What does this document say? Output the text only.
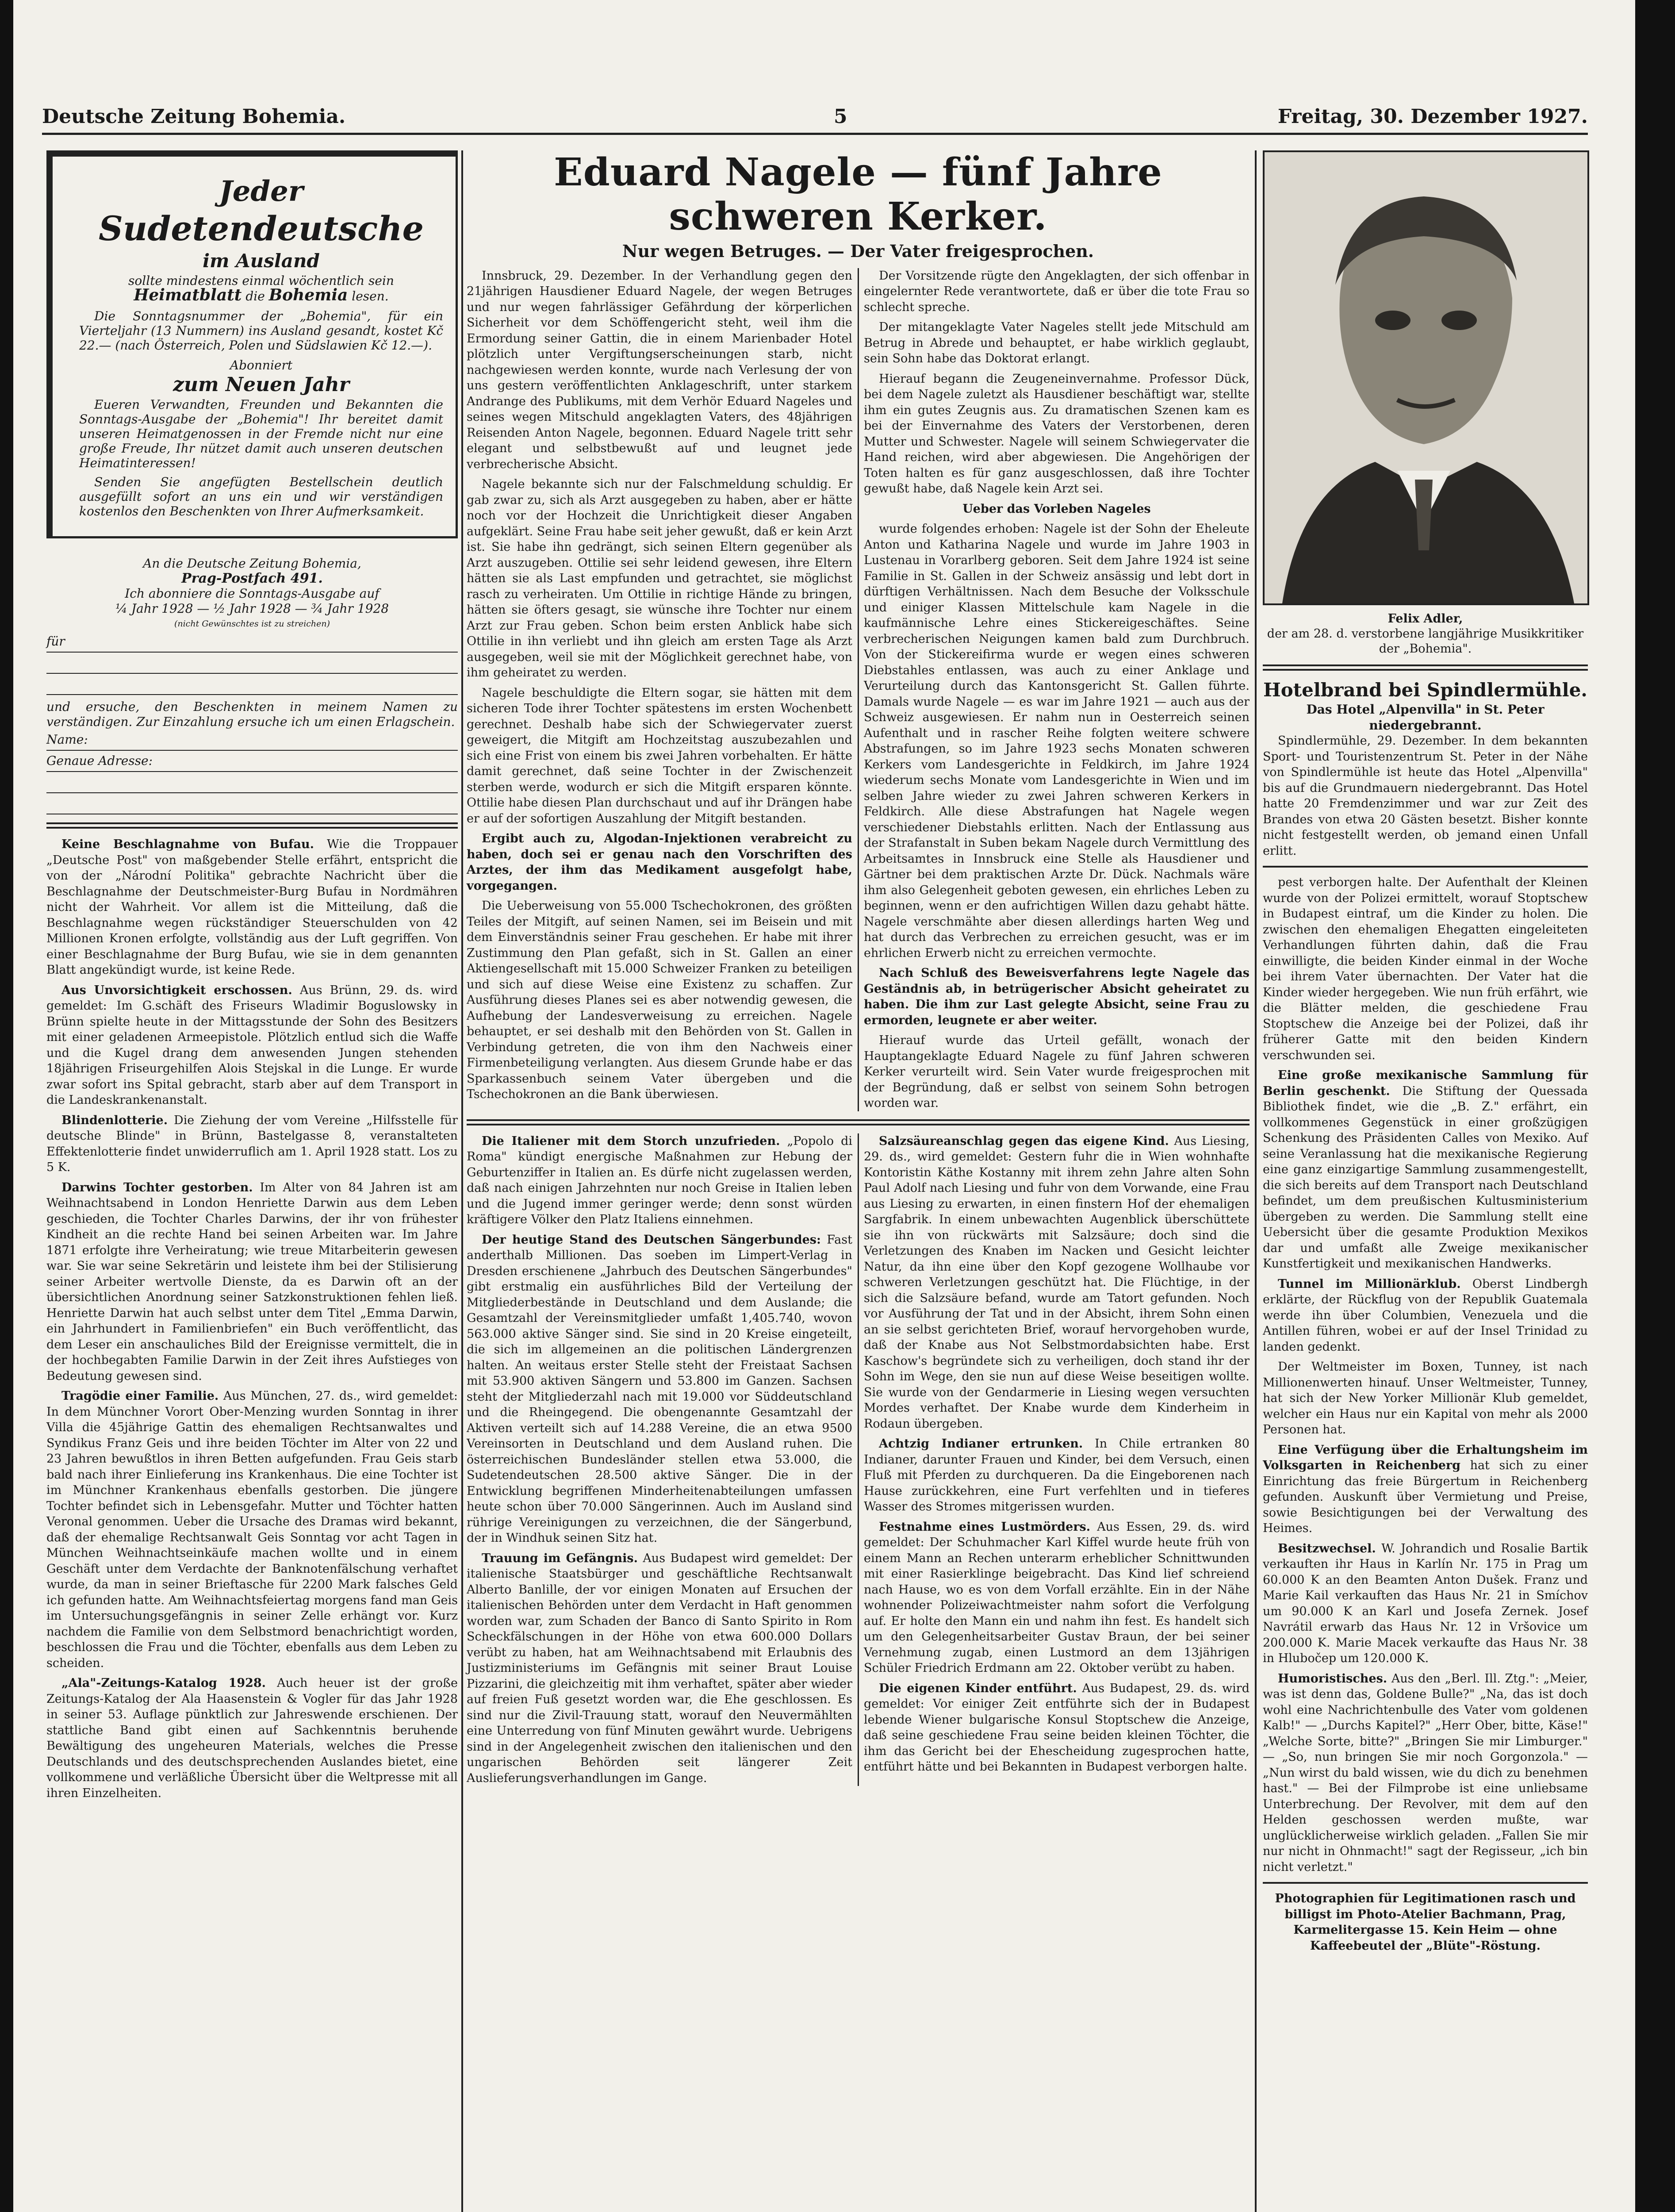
Deutsche Zeitung Bohemia.	5	Freitag, 30. Dezember 1927.
Jeder
Sudetendeutsche
im Ausland
sollte mindestens einmal wöchentlich sein Heimatblatt die Bohemia lesen.

Die Sonntagsnummer der „Bohemia", für ein Vierteljahr (13 Nummern) ins Ausland gesandt, kostet Kč 22.— (nach Österreich, Polen und Südslawien Kč 12.—).

Abonniert
zum Neuen Jahr

Eueren Verwandten, Freunden und Bekannten die Sonntags-Ausgabe der „Bohemia"! Ihr bereitet damit unseren Heimatgenossen in der Fremde nicht nur eine große Freude, Ihr nützet damit auch unseren deutschen Heimatinteressen!

Senden Sie angefügten Bestellschein deutlich ausgefüllt sofort an uns ein und wir verständigen kostenlos den Beschenkten von Ihrer Aufmerksamkeit.

An die Deutsche Zeitung Bohemia,
Prag-Postfach 491.
Ich abonniere die Sonntags-Ausgabe auf
¼ Jahr 1928 — ½ Jahr 1928 — ¾ Jahr 1928
(nicht Gewünschtes ist zu streichen)
für
und ersuche, den Beschenkten in meinem Namen zu verständigen. Zur Einzahlung ersuche ich um einen Erlagschein.
Name:
Genaue Adresse:

Keine Beschlagnahme von Bufau. Wie die Troppauer „Deutsche Post" von maßgebender Stelle erfährt, entspricht die von der „Národní Politika" gebrachte Nachricht über die Beschlagnahme der Deutschmeister-Burg Bufau in Nordmähren nicht der Wahrheit. Vor allem ist die Mitteilung, daß die Beschlagnahme wegen rückständiger Steuerschulden von 42 Millionen Kronen erfolgte, vollständig aus der Luft gegriffen. Von einer Beschlagnahme der Burg Bufau, wie sie in dem genannten Blatt angekündigt wurde, ist keine Rede.

Aus Unvorsichtigkeit erschossen. Aus Brünn, 29. ds. wird gemeldet: Im G.schäft des Friseurs Wladimir Boguslowsky in Brünn spielte heute in der Mittagsstunde der Sohn des Besitzers mit einer geladenen Armeepistole. Plötzlich entlud sich die Waffe und die Kugel drang dem anwesenden Jungen stehenden 18jährigen Friseurgehilfen Alois Stejskal in die Lunge. Er wurde zwar sofort ins Spital gebracht, starb aber auf dem Transport in die Landeskrankenanstalt.

Blindenlotterie. Die Ziehung der vom Vereine „Hilfsstelle für deutsche Blinde" in Brünn, Bastelgasse 8, veranstalteten Effektenlotterie findet unwiderruflich am 1. April 1928 statt. Los zu 5 K.

Darwins Tochter gestorben. Im Alter von 84 Jahren ist am Weihnachtsabend in London Henriette Darwin aus dem Leben geschieden, die Tochter Charles Darwins, der ihr von frühester Kindheit an die rechte Hand bei seinen Arbeiten war. Im Jahre 1871 erfolgte ihre Verheiratung; wie treue Mitarbeiterin gewesen war. Sie war seine Sekretärin und leistete ihm bei der Stilisierung seiner Arbeiter wertvolle Dienste, da es Darwin oft an der übersichtlichen Anordnung seiner Satzkonstruktionen fehlen ließ. Henriette Darwin hat auch selbst unter dem Titel „Emma Darwin, ein Jahrhundert in Familienbriefen" ein Buch veröffentlicht, das dem Leser ein anschauliches Bild der Ereignisse vermittelt, die in der hochbegabten Familie Darwin in der Zeit ihres Aufstieges von Bedeutung gewesen sind.

Tragödie einer Familie. Aus München, 27. ds., wird gemeldet: In dem Münchner Vorort Ober-Menzing wurden Sonntag in ihrer Villa die 45jährige Gattin des ehemaligen Rechtsanwaltes und Syndikus Franz Geis und ihre beiden Töchter im Alter von 22 und 23 Jahren bewußtlos in ihren Betten aufgefunden. Frau Geis starb bald nach ihrer Einlieferung ins Krankenhaus. Die eine Tochter ist im Münchner Krankenhaus ebenfalls gestorben. Die jüngere Tochter befindet sich in Lebensgefahr. Mutter und Töchter hatten Veronal genommen. Ueber die Ursache des Dramas wird bekannt, daß der ehemalige Rechtsanwalt Geis Sonntag vor acht Tagen in München Weihnachtseinkäufe machen wollte und in einem Geschäft unter dem Verdachte der Banknotenfälschung verhaftet wurde, da man in seiner Brieftasche für 2200 Mark falsches Geld ich gefunden hatte. Am Weihnachtsfeiertag morgens fand man Geis im Untersuchungsgefängnis in seiner Zelle erhängt vor. Kurz nachdem die Familie von dem Selbstmord benachrichtigt worden, beschlossen die Frau und die Töchter, ebenfalls aus dem Leben zu scheiden.

„Ala"-Zeitungs-Katalog 1928. Auch heuer ist der große Zeitungs-Katalog der Ala Haasenstein & Vogler für das Jahr 1928 in seiner 53. Auflage pünktlich zur Jahreswende erschienen. Der stattliche Band gibt einen auf Sachkenntnis beruhende Bewältigung des ungeheuren Materials, welches die Presse Deutschlands und des deutschsprechenden Auslandes bietet, eine vollkommene und verläßliche Übersicht über die Weltpresse mit all ihren Einzelheiten.

Eduard Nagele — fünf Jahre schweren Kerker.
Nur wegen Betruges. — Der Vater freigesprochen.

Innsbruck, 29. Dezember. In der Verhandlung gegen den 21jährigen Hausdiener Eduard Nagele, der wegen Betruges und nur wegen fahrlässiger Gefährdung der körperlichen Sicherheit vor dem Schöffengericht steht, weil ihm die Ermordung seiner Gattin, die in einem Marienbader Hotel plötzlich unter Vergiftungserscheinungen starb, nicht nachgewiesen werden konnte, wurde nach Verlesung der von uns gestern veröffentlichten Anklageschrift, unter starkem Andrange des Publikums, mit dem Verhör Eduard Nageles und seines wegen Mitschuld angeklagten Vaters, des 48jährigen Reisenden Anton Nagele, begonnen. Eduard Nagele tritt sehr elegant und selbstbewußt auf und leugnet jede verbrecherische Absicht.

Nagele bekannte sich nur der Falschmeldung schuldig. Er gab zwar zu, sich als Arzt ausgegeben zu haben, aber er hätte noch vor der Hochzeit die Unrichtigkeit dieser Angaben aufgeklärt. Seine Frau habe seit jeher gewußt, daß er kein Arzt ist. Sie habe ihn gedrängt, sich seinen Eltern gegenüber als Arzt auszugeben. Ottilie sei sehr leidend gewesen, ihre Eltern hätten sie als Last empfunden und getrachtet, sie möglichst rasch zu verheiraten. Um Ottilie in richtige Hände zu bringen, hätten sie öfters gesagt, sie wünsche ihre Tochter nur einem Arzt zur Frau geben. Schon beim ersten Anblick habe sich Ottilie in ihn verliebt und ihn gleich am ersten Tage als Arzt ausgegeben, weil sie mit der Möglichkeit gerechnet habe, von ihm geheiratet zu werden.

Nagele beschuldigte die Eltern sogar, sie hätten mit dem sicheren Tode ihrer Tochter spätestens im ersten Wochenbett gerechnet. Deshalb habe sich der Schwiegervater zuerst geweigert, die Mitgift am Hochzeitstag auszubezahlen und sich eine Frist von einem bis zwei Jahren vorbehalten. Er hätte damit gerechnet, daß seine Tochter in der Zwischenzeit sterben werde, wodurch er sich die Mitgift ersparen könnte. Ottilie habe diesen Plan durchschaut und auf ihr Drängen habe er auf der sofortigen Auszahlung der Mitgift bestanden.

Ergibt auch zu, Algodan-Injektionen verabreicht zu haben, doch sei er genau nach den Vorschriften des Arztes, der ihm das Medikament ausgefolgt habe, vorgegangen.

Die Ueberweisung von 55.000 Tschechokronen, des größten Teiles der Mitgift, auf seinen Namen, sei im Beisein und mit dem Einverständnis seiner Frau geschehen. Er habe mit ihrer Zustimmung den Plan gefaßt, sich in St. Gallen an einer Aktiengesellschaft mit 15.000 Schweizer Franken zu beteiligen und sich auf diese Weise eine Existenz zu schaffen. Zur Ausführung dieses Planes sei es aber notwendig gewesen, die Aufhebung der Landesverweisung zu erreichen. Nagele behauptet, er sei deshalb mit den Behörden von St. Gallen in Verbindung getreten, die von ihm den Nachweis einer Firmenbeteiligung verlangten. Aus diesem Grunde habe er das Sparkassenbuch seinem Vater übergeben und die Tschechokronen an die Bank überwiesen.

Der Vorsitzende rügte den Angeklagten, der sich offenbar in eingelernter Rede verantwortete, daß er über die tote Frau so schlecht spreche.

Der mitangeklagte Vater Nageles stellt jede Mitschuld am Betrug in Abrede und behauptet, er habe wirklich geglaubt, sein Sohn habe das Doktorat erlangt.

Hierauf begann die Zeugeneinvernahme. Professor Dück, bei dem Nagele zuletzt als Hausdiener beschäftigt war, stellte ihm ein gutes Zeugnis aus. Zu dramatischen Szenen kam es bei der Einvernahme des Vaters der Verstorbenen, deren Mutter und Schwester. Nagele will seinem Schwiegervater die Hand reichen, wird aber abgewiesen. Die Angehörigen der Toten halten es für ganz ausgeschlossen, daß ihre Tochter gewußt habe, daß Nagele kein Arzt sei.

Ueber das Vorleben Nageles

wurde folgendes erhoben: Nagele ist der Sohn der Eheleute Anton und Katharina Nagele und wurde im Jahre 1903 in Lustenau in Vorarlberg geboren. Seit dem Jahre 1924 ist seine Familie in St. Gallen in der Schweiz ansässig und lebt dort in dürftigen Verhältnissen. Nach dem Besuche der Volksschule und einiger Klassen Mittelschule kam Nagele in die kaufmännische Lehre eines Stickereigeschäftes. Seine verbrecherischen Neigungen kamen bald zum Durchbruch. Von der Stickereifirma wurde er wegen eines schweren Diebstahles entlassen, was auch zu einer Anklage und Verurteilung durch das Kantonsgericht St. Gallen führte. Damals wurde Nagele — es war im Jahre 1921 — auch aus der Schweiz ausgewiesen. Er nahm nun in Oesterreich seinen Aufenthalt und in rascher Reihe folgten weitere schwere Abstrafungen, so im Jahre 1923 sechs Monaten schweren Kerkers vom Landesgerichte in Feldkirch, im Jahre 1924 wiederum sechs Monate vom Landesgerichte in Wien und im selben Jahre wieder zu zwei Jahren schweren Kerkers in Feldkirch. Alle diese Abstrafungen hat Nagele wegen verschiedener Diebstahls erlitten. Nach der Entlassung aus der Strafanstalt in Suben bekam Nagele durch Vermittlung des Arbeitsamtes in Innsbruck eine Stelle als Hausdiener und Gärtner bei dem praktischen Arzte Dr. Dück. Nachmals wäre ihm also Gelegenheit geboten gewesen, ein ehrliches Leben zu beginnen, wenn er den aufrichtigen Willen dazu gehabt hätte. Nagele verschmähte aber diesen allerdings harten Weg und hat durch das Verbrechen zu erreichen gesucht, was er im ehrlichen Erwerb nicht zu erreichen vermochte.

Nach Schluß des Beweisverfahrens legte Nagele das Geständnis ab, in betrügerischer Absicht geheiratet zu haben. Die ihm zur Last gelegte Absicht, seine Frau zu ermorden, leugnete er aber weiter.

Hierauf wurde das Urteil gefällt, wonach der Hauptangeklagte Eduard Nagele zu fünf Jahren schweren Kerker verurteilt wird. Sein Vater wurde freigesprochen mit der Begründung, daß er selbst von seinem Sohn betrogen worden war.

Die Italiener mit dem Storch unzufrieden. „Popolo di Roma" kündigt energische Maßnahmen zur Hebung der Geburtenziffer in Italien an. Es dürfe nicht zugelassen werden, daß nach einigen Jahrzehnten nur noch Greise in Italien leben und die Jugend immer geringer werde; denn sonst würden kräftigere Völker den Platz Italiens einnehmen.

Der heutige Stand des Deutschen Sängerbundes: Fast anderthalb Millionen. Das soeben im Limpert-Verlag in Dresden erschienene „Jahrbuch des Deutschen Sängerbundes" gibt erstmalig ein ausführliches Bild der Verteilung der Mitgliederbestände in Deutschland und dem Auslande; die Gesamtzahl der Vereinsmitglieder umfaßt 1,405.740, wovon 563.000 aktive Sänger sind. Sie sind in 20 Kreise eingeteilt, die sich im allgemeinen an die politischen Ländergrenzen halten. An weitaus erster Stelle steht der Freistaat Sachsen mit 53.900 aktiven Sängern und 53.800 im Ganzen. Sachsen steht der Mitgliederzahl nach mit 19.000 vor Süddeutschland und die Rheingegend. Die obengenannte Gesamtzahl der Aktiven verteilt sich auf 14.288 Vereine, die an etwa 9500 Vereinsorten in Deutschland und dem Ausland ruhen. Die österreichischen Bundesländer stellen etwa 53.000, die Sudetendeutschen 28.500 aktive Sänger. Die in der Entwicklung begriffenen Minderheitenabteilungen umfassen heute schon über 70.000 Sängerinnen. Auch im Ausland sind rührige Vereinigungen zu verzeichnen, die der Sängerbund, der in Windhuk seinen Sitz hat.

Trauung im Gefängnis. Aus Budapest wird gemeldet: Der italienische Staatsbürger und geschäftliche Rechtsanwalt Alberto Banlille, der vor einigen Monaten auf Ersuchen der italienischen Behörden unter dem Verdacht in Haft genommen worden war, zum Schaden der Banco di Santo Spirito in Rom Scheckfälschungen in der Höhe von etwa 600.000 Dollars verübt zu haben, hat am Weihnachtsabend mit Erlaubnis des Justizministeriums im Gefängnis mit seiner Braut Louise Pizzarini, die gleichzeitig mit ihm verhaftet, später aber wieder auf freien Fuß gesetzt worden war, die Ehe geschlossen. Es sind nur die Zivil-Trauung statt, worauf den Neuvermählten eine Unterredung von fünf Minuten gewährt wurde. Uebrigens sind in der Angelegenheit zwischen den italienischen und den ungarischen Behörden seit längerer Zeit Auslieferungsverhandlungen im Gange.

Salzsäureanschlag gegen das eigene Kind. Aus Liesing, 29. ds., wird gemeldet: Gestern fuhr die in Wien wohnhafte Kontoristin Käthe Kostanny mit ihrem zehn Jahre alten Sohn Paul Adolf nach Liesing und fuhr von dem Vorwande, eine Frau aus Liesing zu erwarten, in einen finstern Hof der ehemaligen Sargfabrik. In einem unbewachten Augenblick überschüttete sie ihn von rückwärts mit Salzsäure; doch sind die Verletzungen des Knaben im Nacken und Gesicht leichter Natur, da ihn eine über den Kopf gezogene Wollhaube vor schweren Verletzungen geschützt hat. Die Flüchtige, in der sich die Salzsäure befand, wurde am Tatort gefunden. Noch vor Ausführung der Tat und in der Absicht, ihrem Sohn einen an sie selbst gerichteten Brief, worauf hervorgehoben wurde, daß der Knabe aus Not Selbstmordabsichten habe. Erst Kaschow's begründete sich zu verheiligen, doch stand ihr der Sohn im Wege, den sie nun auf diese Weise beseitigen wollte. Sie wurde von der Gendarmerie in Liesing wegen versuchten Mordes verhaftet. Der Knabe wurde dem Kinderheim in Rodaun übergeben.

Achtzig Indianer ertrunken. In Chile ertranken 80 Indianer, darunter Frauen und Kinder, bei dem Versuch, einen Fluß mit Pferden zu durchqueren. Da die Eingeborenen nach Hause zurückkehren, eine Furt verfehlten und in tieferes Wasser des Stromes mitgerissen wurden.

Festnahme eines Lustmörders. Aus Essen, 29. ds. wird gemeldet: Der Schuhmacher Karl Kiffel wurde heute früh von einem Mann an Rechen unterarm erheblicher Schnittwunden mit einer Rasierklinge beigebracht. Das Kind lief schreiend nach Hause, wo es von dem Vorfall erzählte. Ein in der Nähe wohnender Polizeiwachtmeister nahm sofort die Verfolgung auf. Er holte den Mann ein und nahm ihn fest. Es handelt sich um den Gelegenheitsarbeiter Gustav Braun, der bei seiner Vernehmung zugab, einen Lustmord an dem 13jährigen Schüler Friedrich Erdmann am 22. Oktober verübt zu haben.

Die eigenen Kinder entführt. Aus Budapest, 29. ds. wird gemeldet: Vor einiger Zeit entführte sich der in Budapest lebende Wiener bulgarische Konsul Stoptschew die Anzeige, daß seine geschiedene Frau seine beiden kleinen Töchter, die ihm das Gericht bei der Ehescheidung zugesprochen hatte, entführt hätte und bei Bekannten in Budapest verborgen halte.

Felix Adler,
der am 28. d. verstorbene langjährige Musikkritiker der „Bohemia".
Hotelbrand bei Spindlermühle.
Das Hotel „Alpenvilla" in St. Peter niedergebrannt.

Spindlermühle, 29. Dezember. In dem bekannten Sport- und Touristenzentrum St. Peter in der Nähe von Spindlermühle ist heute das Hotel „Alpenvilla" bis auf die Grundmauern niedergebrannt. Das Hotel hatte 20 Fremdenzimmer und war zur Zeit des Brandes von etwa 20 Gästen besetzt. Bisher konnte nicht festgestellt werden, ob jemand einen Unfall erlitt.

pest verborgen halte. Der Aufenthalt der Kleinen wurde von der Polizei ermittelt, worauf Stoptschew in Budapest eintraf, um die Kinder zu holen. Die zwischen den ehemaligen Ehegatten eingeleiteten Verhandlungen führten dahin, daß die Frau einwilligte, die beiden Kinder einmal in der Woche bei ihrem Vater übernachten. Der Vater hat die Kinder wieder hergegeben. Wie nun früh erfährt, wie die Blätter melden, die geschiedene Frau Stoptschew die Anzeige bei der Polizei, daß ihr früherer Gatte mit den beiden Kindern verschwunden sei.

Eine große mexikanische Sammlung für Berlin geschenkt. Die Stiftung der Quessada Bibliothek findet, wie die „B. Z." erfährt, ein vollkommenes Gegenstück in einer großzügigen Schenkung des Präsidenten Calles von Mexiko. Auf seine Veranlassung hat die mexikanische Regierung eine ganz einzigartige Sammlung zusammengestellt, die sich bereits auf dem Transport nach Deutschland befindet, um dem preußischen Kultusministerium übergeben zu werden. Die Sammlung stellt eine Uebersicht über die gesamte Produktion Mexikos dar und umfaßt alle Zweige mexikanischer Kunstfertigkeit und mexikanischen Handwerks.

Tunnel im Millionärklub. Oberst Lindbergh erklärte, der Rückflug von der Republik Guatemala werde ihn über Columbien, Venezuela und die Antillen führen, wobei er auf der Insel Trinidad zu landen gedenkt.

Der Weltmeister im Boxen, Tunney, ist nach Millionenwerten hinauf. Unser Weltmeister, Tunney, hat sich der New Yorker Millionär Klub gemeldet, welcher ein Haus nur ein Kapital von mehr als 2000 Personen hat.

Eine Verfügung über die Erhaltungsheim im Volksgarten in Reichenberg hat sich zu einer Einrichtung das freie Bürgertum in Reichenberg gefunden. Auskunft über Vermietung und Preise, sowie Besichtigungen bei der Verwaltung des Heimes.

Besitzwechsel. W. Johrandich und Rosalie Bartik verkauften ihr Haus in Karlín Nr. 175 in Prag um 60.000 K an den Beamten Anton Dušek. Franz und Marie Kail verkauften das Haus Nr. 21 in Smíchov um 90.000 K an Karl und Josefa Zernek. Josef Navrátil erwarb das Haus Nr. 12 in Vršovice um 200.000 K. Marie Macek verkaufte das Haus Nr. 38 in Hlubočep um 120.000 K.

Humoristisches. Aus den „Berl. Ill. Ztg.": „Meier, was ist denn das, Goldene Bulle?" „Na, das ist doch wohl eine Nachrichtenbulle des Vater vom goldenen Kalb!" — „Durchs Kapitel?" „Herr Ober, bitte, Käse!" „Welche Sorte, bitte?" „Bringen Sie mir Limburger." — „So, nun bringen Sie mir noch Gorgonzola." — „Nun wirst du bald wissen, wie du dich zu benehmen hast." — Bei der Filmprobe ist eine unliebsame Unterbrechung. Der Revolver, mit dem auf den Helden geschossen werden mußte, war unglücklicherweise wirklich geladen. „Fallen Sie mir nur nicht in Ohnmacht!" sagt der Regisseur, „ich bin nicht verletzt."

Photographien für Legitimationen rasch und billigst im Photo-Atelier Bachmann, Prag, Karmelitergasse 15. Kein Heim — ohne Kaffeebeutel der „Blüte"-Röstung.
